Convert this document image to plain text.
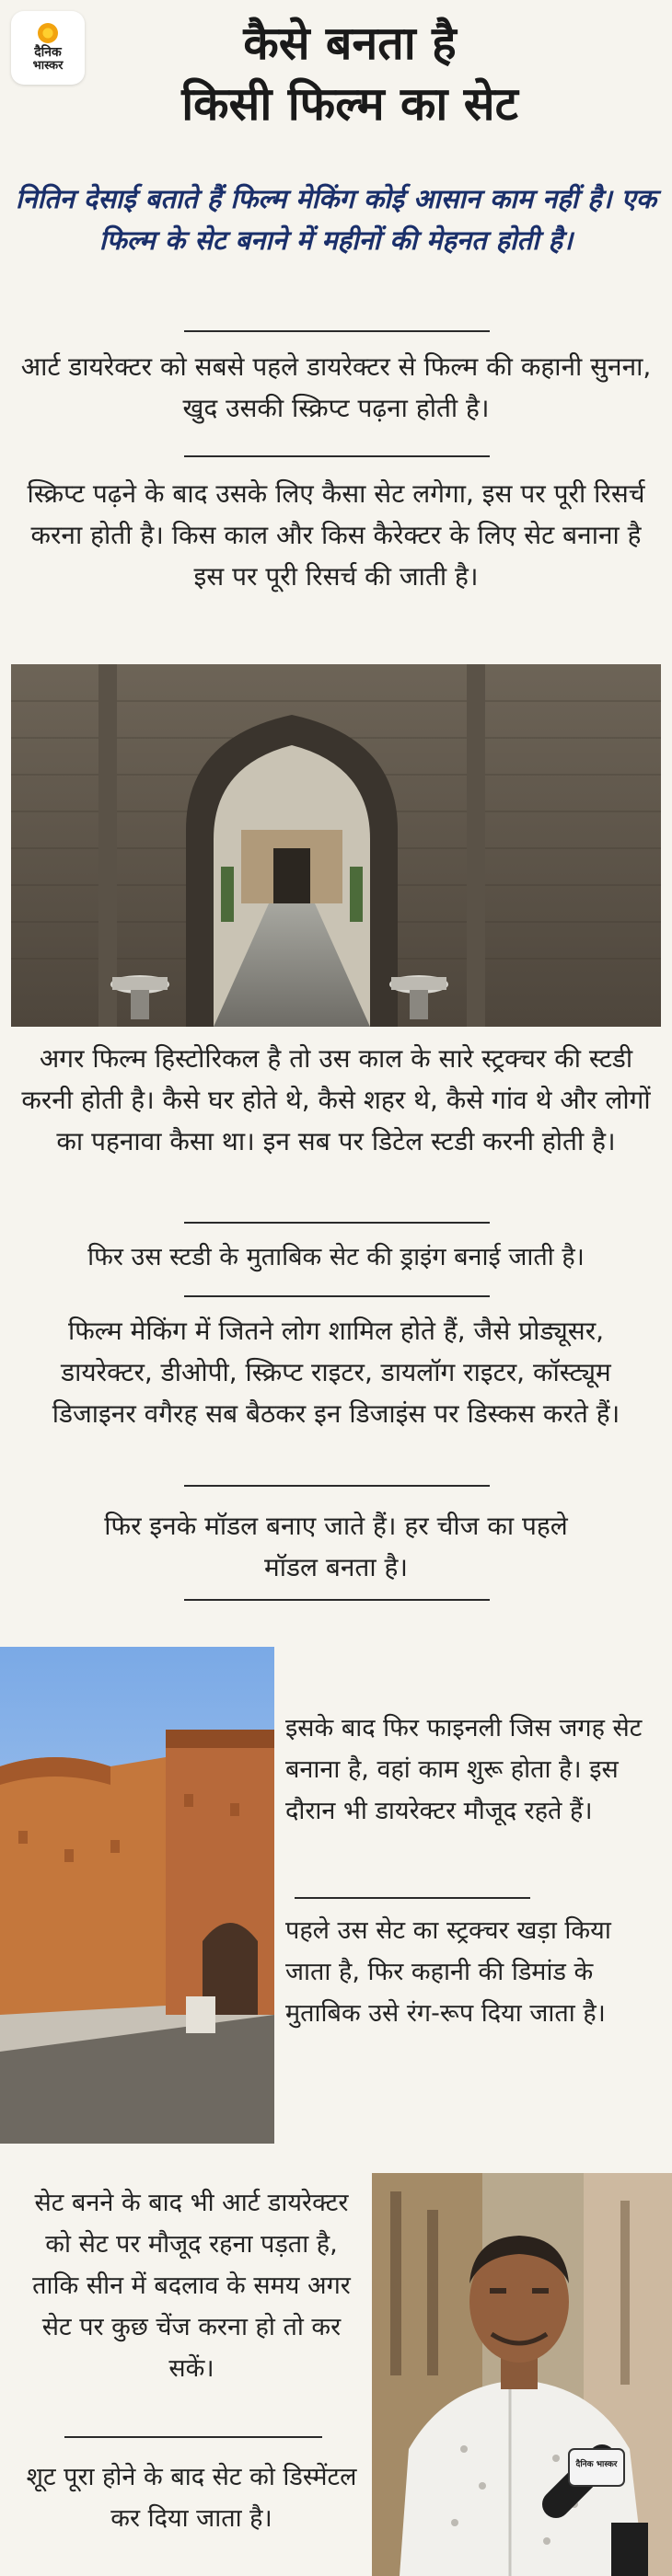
दैनिक
भास्कर	कैसे बनता है
किसी फिल्म का सेट
नितिन देसाई बताते हैं फिल्म मेकिंग कोई आसान काम नहीं है। एक फिल्म के सेट बनाने में महीनों की मेहनत होती है।
आर्ट डायरेक्टर को सबसे पहले डायरेक्टर से फिल्म की कहानी सुनना, खुद उसकी स्क्रिप्ट पढ़ना होती है।
स्क्रिप्ट पढ़ने के बाद उसके लिए कैसा सेट लगेगा, इस पर पूरी रिसर्च करना होती है। किस काल और किस कैरेक्टर के लिए सेट बनाना है इस पर पूरी रिसर्च की जाती है।
अगर फिल्म हिस्टोरिकल है तो उस काल के सारे स्ट्रक्चर की स्टडी करनी होती है। कैसे घर होते थे, कैसे शहर थे, कैसे गांव थे और लोगों का पहनावा कैसा था। इन सब पर डिटेल स्टडी करनी होती है।
फिर उस स्टडी के मुताबिक सेट की ड्राइंग बनाई जाती है।
फिल्म मेकिंग में जितने लोग शामिल होते हैं, जैसे प्रोड्यूसर, डायरेक्टर, डीओपी, स्क्रिप्ट राइटर, डायलॉग राइटर, कॉस्ट्यूम डिजाइनर वगैरह सब बैठकर इन डिजाइंस पर डिस्कस करते हैं।
फिर इनके मॉडल बनाए जाते हैं। हर चीज का पहले मॉडल बनता है।
इसके बाद फिर फाइनली जिस जगह सेट बनाना है, वहां काम शुरू होता है। इस दौरान भी डायरेक्टर मौजूद रहते हैं।
पहले उस सेट का स्ट्रक्चर खड़ा किया जाता है, फिर कहानी की डिमांड के मुताबिक उसे रंग-रूप दिया जाता है।
सेट बनने के बाद भी आर्ट डायरेक्टर को सेट पर मौजूद रहना पड़ता है, ताकि सीन में बदलाव के समय अगर सेट पर कुछ चेंज करना हो तो कर सकें।
शूट पूरा होने के बाद सेट को डिस्मेंटल कर दिया जाता है।
दैनिक भास्कर
